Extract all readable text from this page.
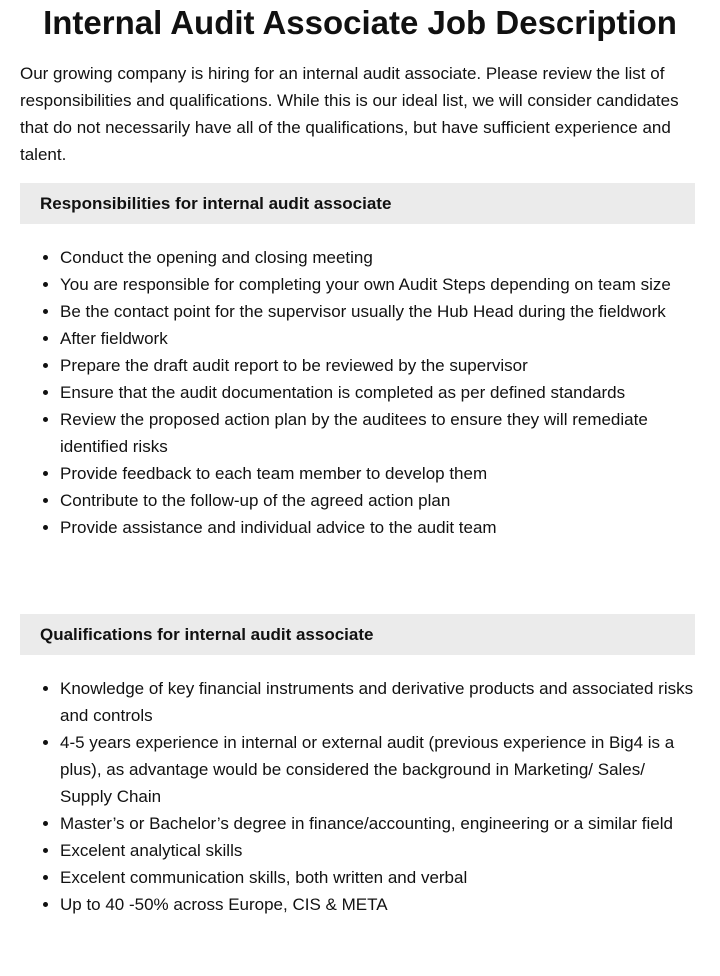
Internal Audit Associate Job Description

Our growing company is hiring for an internal audit associate. Please review the list of responsibilities and qualifications. While this is our ideal list, we will consider candidates that do not necessarily have all of the qualifications, but have sufficient experience and talent.

Responsibilities for internal audit associate
• Conduct the opening and closing meeting
• You are responsible for completing your own Audit Steps depending on team size
• Be the contact point for the supervisor usually the Hub Head during the fieldwork
• After fieldwork
• Prepare the draft audit report to be reviewed by the supervisor
• Ensure that the audit documentation is completed as per defined standards
• Review the proposed action plan by the auditees to ensure they will remediate identified risks
• Provide feedback to each team member to develop them
• Contribute to the follow-up of the agreed action plan
• Provide assistance and individual advice to the audit team
Qualifications for internal audit associate
• Knowledge of key financial instruments and derivative products and associated risks and controls
• 4-5 years experience in internal or external audit (previous experience in Big4 is a plus), as advantage would be considered the background in Marketing/ Sales/ Supply Chain
• Master’s or Bachelor’s degree in finance/accounting, engineering or a similar field
• Excelent analytical skills
• Excelent communication skills, both written and verbal
• Up to 40 -50% across Europe, CIS & META
